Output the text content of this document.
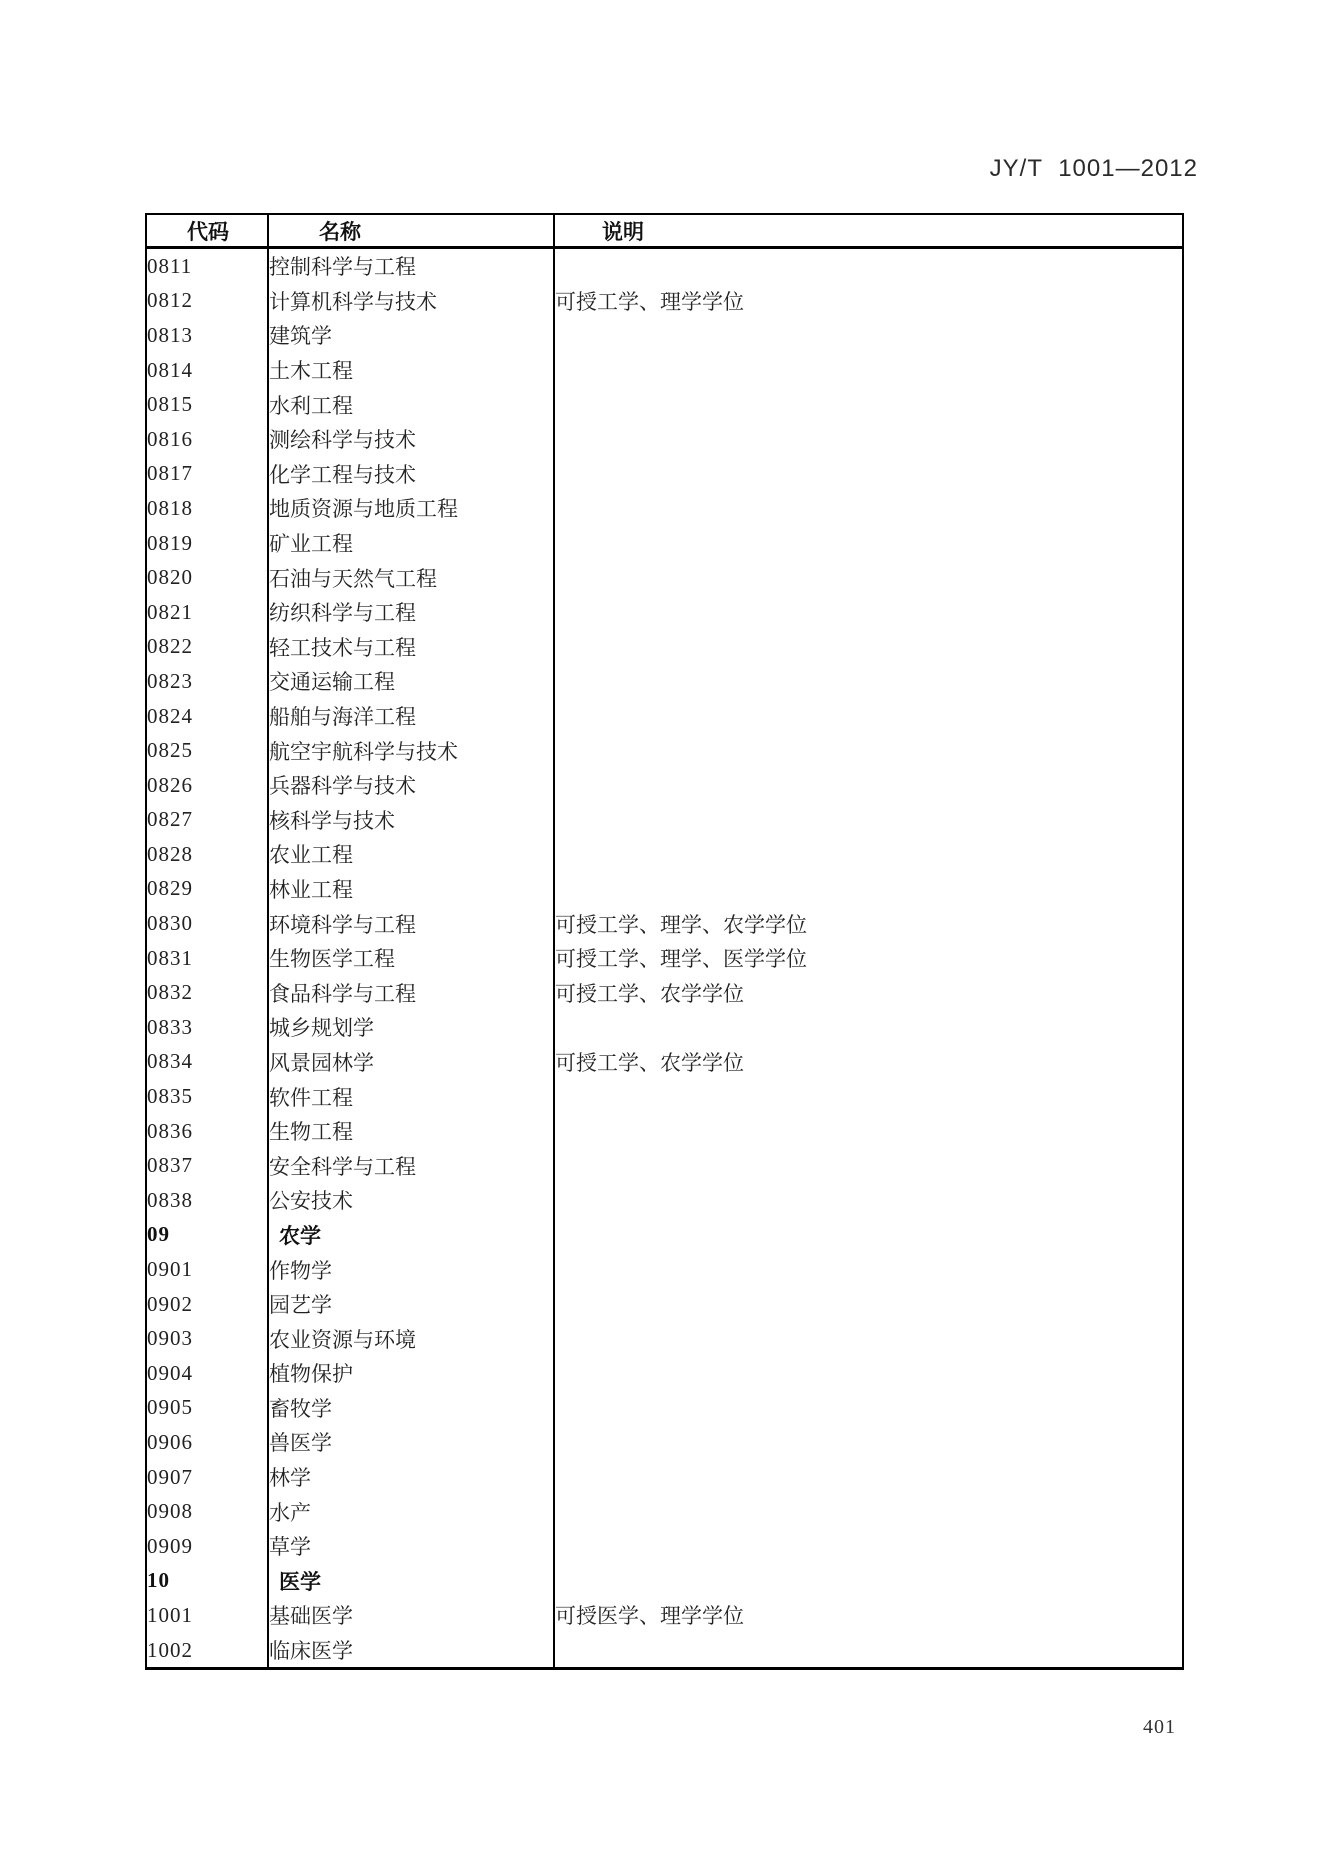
JY/T 1001—2012
代码	名称	说明
0811	控制科学与工程	
0812	计算机科学与技术	可授工学、理学学位
0813	建筑学	
0814	土木工程	
0815	水利工程	
0816	测绘科学与技术	
0817	化学工程与技术	
0818	地质资源与地质工程	
0819	矿业工程	
0820	石油与天然气工程	
0821	纺织科学与工程	
0822	轻工技术与工程	
0823	交通运输工程	
0824	船舶与海洋工程	
0825	航空宇航科学与技术	
0826	兵器科学与技术	
0827	核科学与技术	
0828	农业工程	
0829	林业工程	
0830	环境科学与工程	可授工学、理学、农学学位
0831	生物医学工程	可授工学、理学、医学学位
0832	食品科学与工程	可授工学、农学学位
0833	城乡规划学	
0834	风景园林学	可授工学、农学学位
0835	软件工程	
0836	生物工程	
0837	安全科学与工程	
0838	公安技术	
09	农学	
0901	作物学	
0902	园艺学	
0903	农业资源与环境	
0904	植物保护	
0905	畜牧学	
0906	兽医学	
0907	林学	
0908	水产	
0909	草学	
10	医学	
1001	基础医学	可授医学、理学学位
1002	临床医学	
401
